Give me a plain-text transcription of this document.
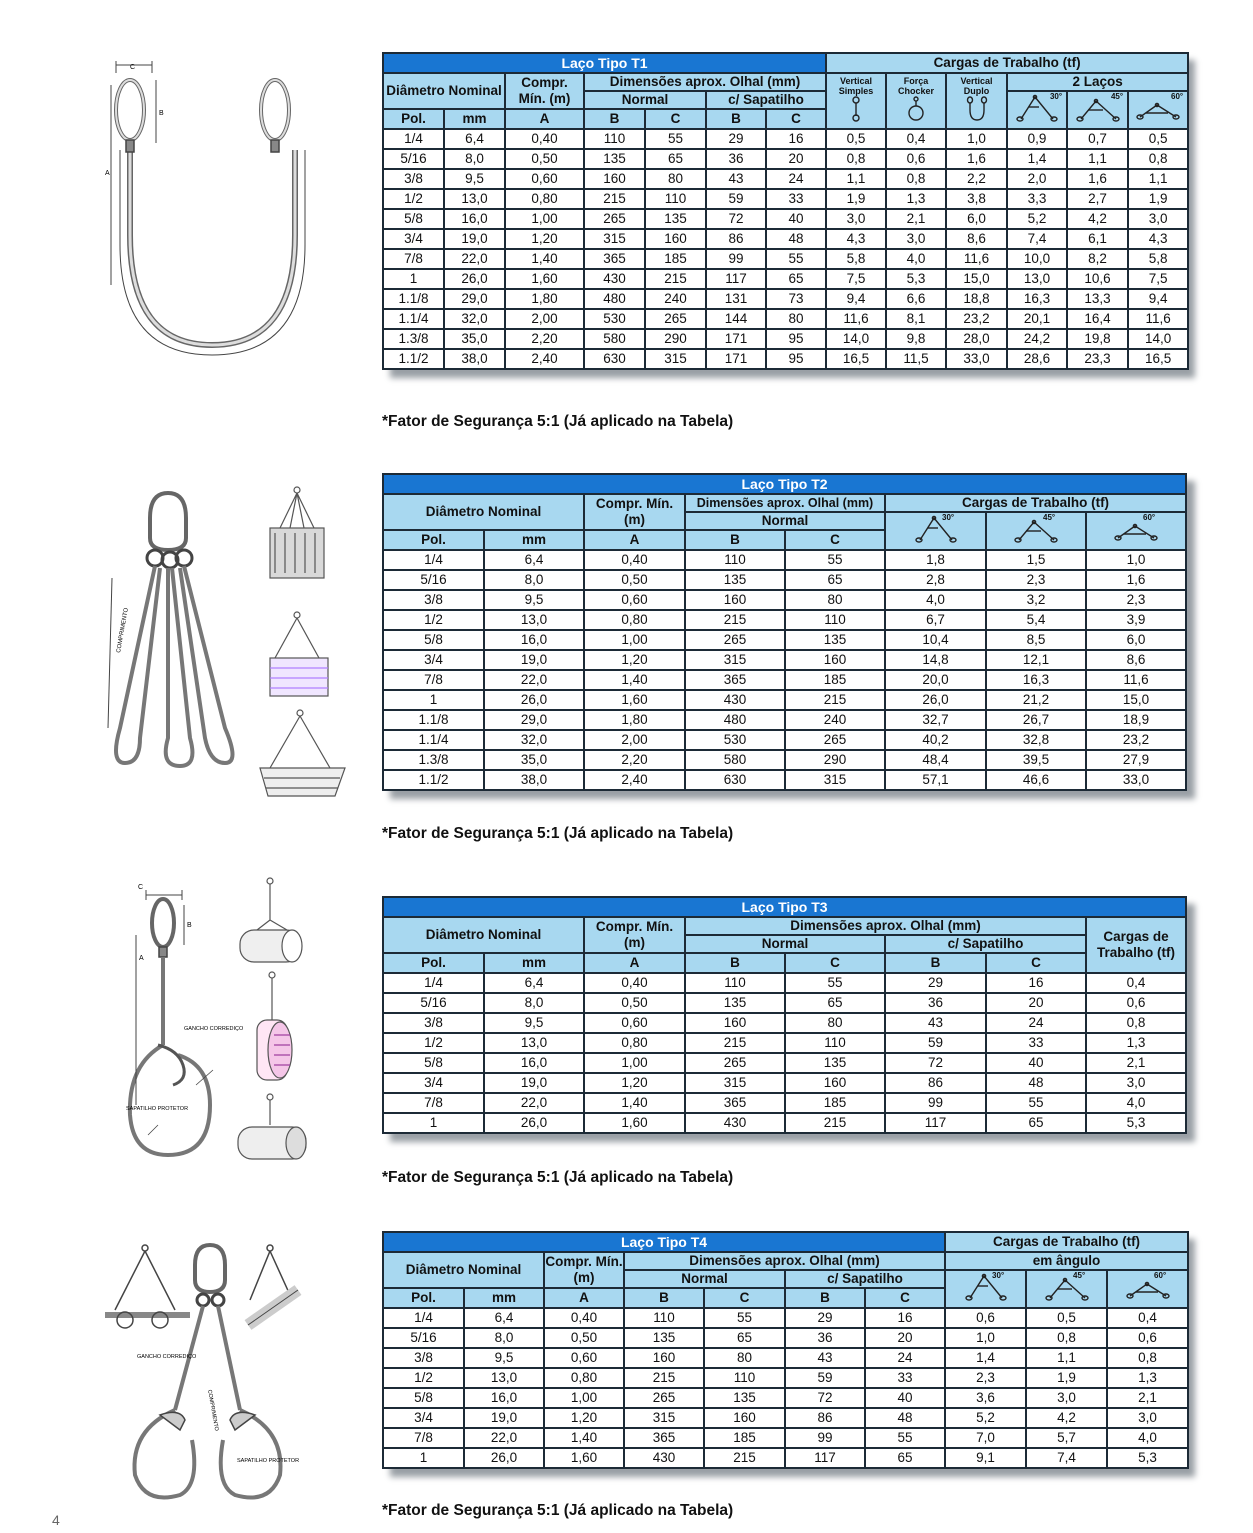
C
B
A
Laço Tipo T1							Cargas de Trabalho (tf)					
Diâmetro Nominal		Compr. Mín. (m)	Dimensões aprox. Olhal (mm)				Vertical Simples	Força Chocker	Vertical Duplo	2 Laços		
			Normal		c/ Sapatilho					30°	45°	60°

Pol.	mm	A	B	C	B	C						
1/4	6,4	0,40	110	55	29	16	0,5	0,4	1,0	0,9	0,7	0,5
5/16	8,0	0,50	135	65	36	20	0,8	0,6	1,6	1,4	1,1	0,8
3/8	9,5	0,60	160	80	43	24	1,1	0,8	2,2	2,0	1,6	1,1
1/2	13,0	0,80	215	110	59	33	1,9	1,3	3,8	3,3	2,7	1,9
5/8	16,0	1,00	265	135	72	40	3,0	2,1	6,0	5,2	4,2	3,0
3/4	19,0	1,20	315	160	86	48	4,3	3,0	8,6	7,4	6,1	4,3
7/8	22,0	1,40	365	185	99	55	5,8	4,0	11,6	10,0	8,2	5,8
1	26,0	1,60	430	215	117	65	7,5	5,3	15,0	13,0	10,6	7,5
1.1/8	29,0	1,80	480	240	131	73	9,4	6,6	18,8	16,3	13,3	9,4
1.1/4	32,0	2,00	530	265	144	80	11,6	8,1	23,2	20,1	16,4	11,6
1.3/8	35,0	2,20	580	290	171	95	14,0	9,8	28,0	24,2	19,8	14,0
1.1/2	38,0	2,40	630	315	171	95	16,5	11,5	33,0	28,6	23,3	16,5
*Fator de Segurança 5:1 (Já aplicado na Tabela)
COMPRIMENTO
Laço Tipo T2							
Diâmetro Nominal		Compr. Mín. (m)	Dimensões aprox. Olhal (mm)		Cargas de Trabalho (tf)		
			Normal		30°	45°	60°

Pol.	mm	A	B	C			
1/4	6,4	0,40	110	55	1,8	1,5	1,0
5/16	8,0	0,50	135	65	2,8	2,3	1,6
3/8	9,5	0,60	160	80	4,0	3,2	2,3
1/2	13,0	0,80	215	110	6,7	5,4	3,9
5/8	16,0	1,00	265	135	10,4	8,5	6,0
3/4	19,0	1,20	315	160	14,8	12,1	8,6
7/8	22,0	1,40	365	185	20,0	16,3	11,6
1	26,0	1,60	430	215	26,0	21,2	15,0
1.1/8	29,0	1,80	480	240	32,7	26,7	18,9
1.1/4	32,0	2,00	530	265	40,2	32,8	23,2
1.3/8	35,0	2,20	580	290	48,4	39,5	27,9
1.1/2	38,0	2,40	630	315	57,1	46,6	33,0
*Fator de Segurança 5:1 (Já aplicado na Tabela)
C
B
A
GANCHO CORREDIÇO
SAPATILHO PROTETOR
Laço Tipo T3							
Diâmetro Nominal		Compr. Mín. (m)	Dimensões aprox. Olhal (mm)				Cargas de Trabalho (tf)
			Normal		c/ Sapatilho		
Pol.	mm	A	B	C	B	C	
1/4	6,4	0,40	110	55	29	16	0,4
5/16	8,0	0,50	135	65	36	20	0,6
3/8	9,5	0,60	160	80	43	24	0,8
1/2	13,0	0,80	215	110	59	33	1,3
5/8	16,0	1,00	265	135	72	40	2,1
3/4	19,0	1,20	315	160	86	48	3,0
7/8	22,0	1,40	365	185	99	55	4,0
1	26,0	1,60	430	215	117	65	5,3
*Fator de Segurança 5:1 (Já aplicado na Tabela)
GANCHO CORREDIÇO
COMPRIMENTO
SAPATILHO PROTETOR
Laço Tipo T4							Cargas de Trabalho (tf)		
Diâmetro Nominal		Compr. Mín. (m)	Dimensões aprox. Olhal (mm)				em ângulo		
			Normal		c/ Sapatilho		30°	45°	60°

Pol.	mm	A	B	C	B	C			
1/4	6,4	0,40	110	55	29	16	0,6	0,5	0,4
5/16	8,0	0,50	135	65	36	20	1,0	0,8	0,6
3/8	9,5	0,60	160	80	43	24	1,4	1,1	0,8
1/2	13,0	0,80	215	110	59	33	2,3	1,9	1,3
5/8	16,0	1,00	265	135	72	40	3,6	3,0	2,1
3/4	19,0	1,20	315	160	86	48	5,2	4,2	3,0
7/8	22,0	1,40	365	185	99	55	7,0	5,7	4,0
1	26,0	1,60	430	215	117	65	9,1	7,4	5,3
*Fator de Segurança 5:1 (Já aplicado na Tabela)
4
